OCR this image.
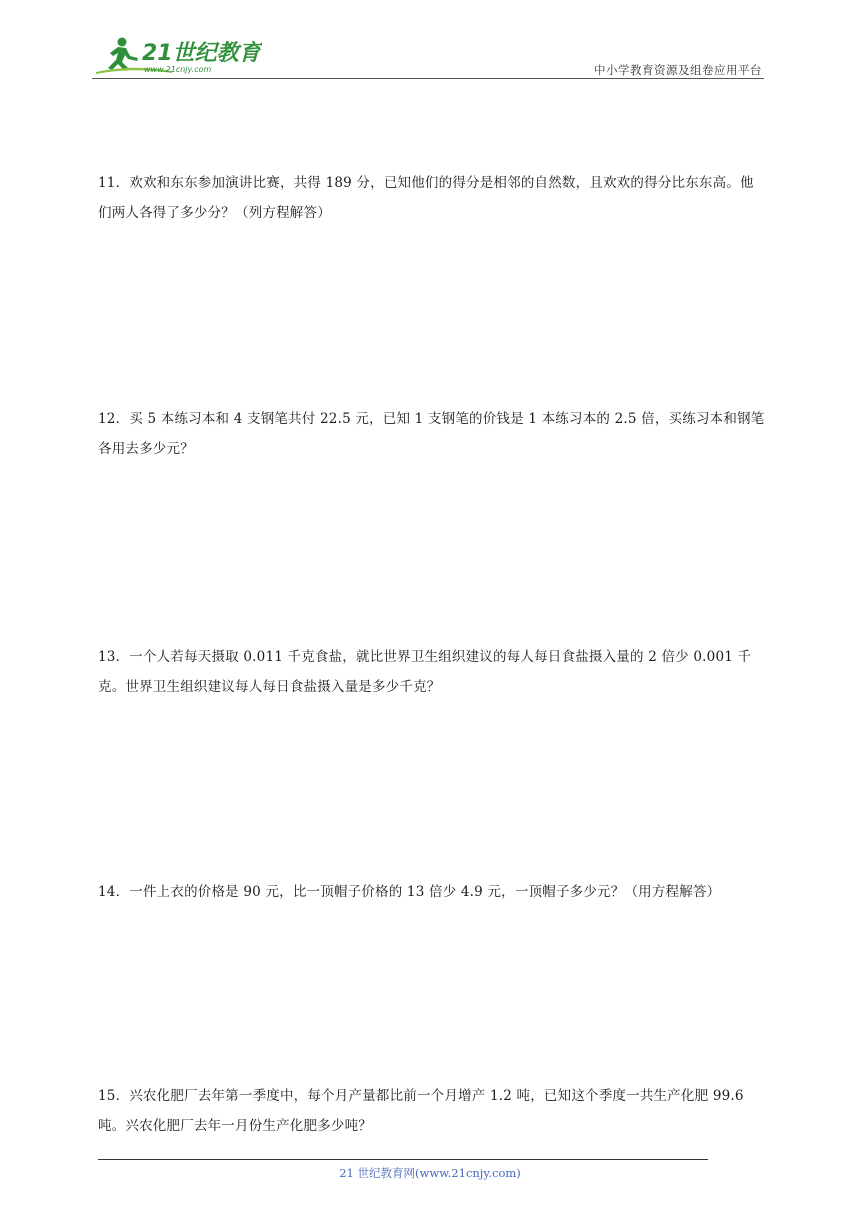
21世纪教育
www.21cnjy.com	中小学教育资源及组卷应用平台
11．欢欢和东东参加演讲比赛，共得 189 分，已知他们的得分是相邻的自然数，且欢欢的得分比东东高。他们两人各得了多少分？（列方程解答）
12．买 5 本练习本和 4 支钢笔共付 22.5 元，已知 1 支钢笔的价钱是 1 本练习本的 2.5 倍，买练习本和钢笔各用去多少元？
13．一个人若每天摄取 0.011 千克食盐，就比世界卫生组织建议的每人每日食盐摄入量的 2 倍少 0.001 千克。世界卫生组织建议每人每日食盐摄入量是多少千克？
14．一件上衣的价格是 90 元，比一顶帽子价格的 13 倍少 4.9 元，一顶帽子多少元？（用方程解答）
15．兴农化肥厂去年第一季度中，每个月产量都比前一个月增产 1.2 吨，已知这个季度一共生产化肥 99.6 吨。兴农化肥厂去年一月份生产化肥多少吨？
21 世纪教育网(www.21cnjy.com)
